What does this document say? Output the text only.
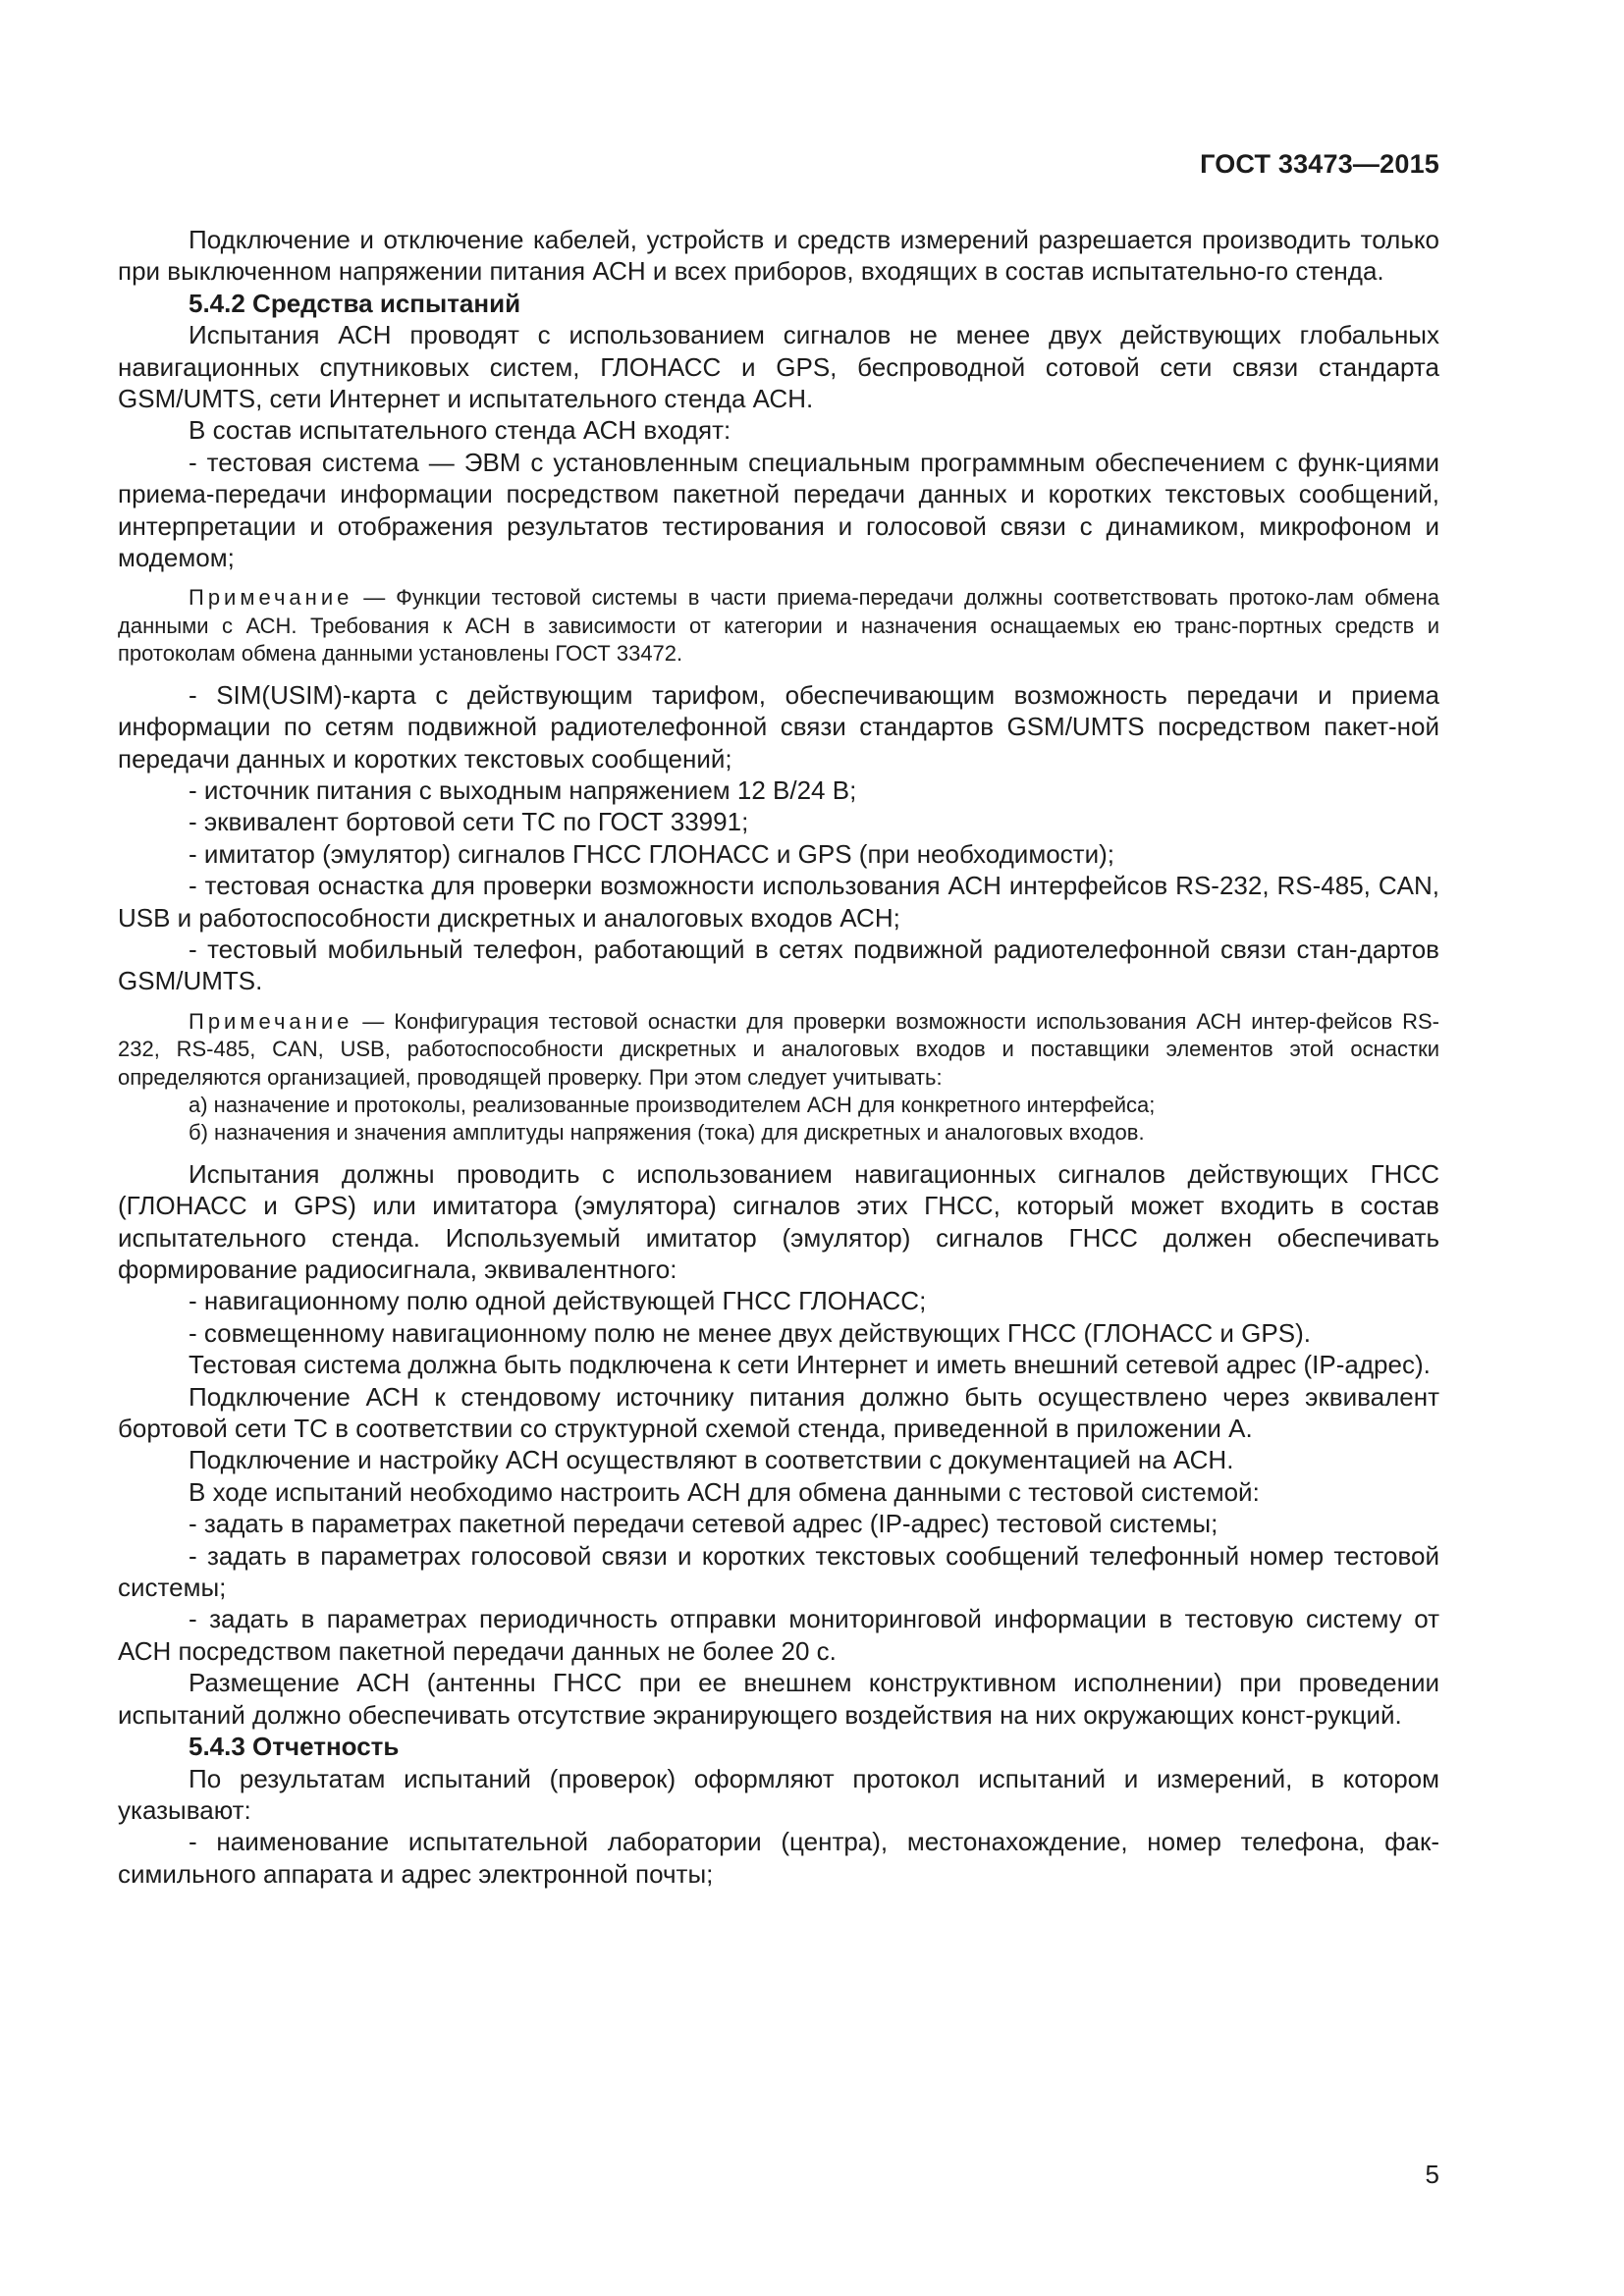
ГОСТ 33473—2015

Подключение и отключение кабелей, устройств и средств измерений разрешается производить только при выключенном напряжении питания АСН и всех приборов, входящих в состав испытательно-го стенда.

5.4.2 Средства испытаний

Испытания АСН проводят с использованием сигналов не менее двух действующих глобальных навигационных спутниковых систем, ГЛОНАСС и GPS, беспроводной сотовой сети связи стандарта GSM/UMTS, сети Интернет и испытательного стенда АСН.

В состав испытательного стенда АСН входят:

- тестовая система — ЭВМ с установленным специальным программным обеспечением с функ-циями приема-передачи информации посредством пакетной передачи данных и коротких текстовых сообщений, интерпретации и отображения результатов тестирования и голосовой связи с динамиком, микрофоном и модемом;

Примечание — Функции тестовой системы в части приема-передачи должны соответствовать протоко-лам обмена данными с АСН. Требования к АСН в зависимости от категории и назначения оснащаемых ею транс-портных средств и протоколам обмена данными установлены ГОСТ 33472.

- SIM(USIM)-карта с действующим тарифом, обеспечивающим возможность передачи и приема информации по сетям подвижной радиотелефонной связи стандартов GSM/UMTS посредством пакет-ной передачи данных и коротких текстовых сообщений;

- источник питания с выходным напряжением 12 В/24 В;

- эквивалент бортовой сети ТС по ГОСТ 33991;

- имитатор (эмулятор) сигналов ГНСС ГЛОНАСС и GPS (при необходимости);

- тестовая оснастка для проверки возможности использования АСН интерфейсов RS-232, RS-485, CAN, USB и работоспособности дискретных и аналоговых входов АСН;

- тестовый мобильный телефон, работающий в сетях подвижной радиотелефонной связи стан-дартов GSM/UMTS.

Примечание — Конфигурация тестовой оснастки для проверки возможности использования АСН интер-фейсов RS-232, RS-485, CAN, USB, работоспособности дискретных и аналоговых входов и поставщики элементов этой оснастки определяются организацией, проводящей проверку. При этом следует учитывать:

а) назначение и протоколы, реализованные производителем АСН для конкретного интерфейса;

б) назначения и значения амплитуды напряжения (тока) для дискретных и аналоговых входов.

Испытания должны проводить с использованием навигационных сигналов действующих ГНСС (ГЛОНАСС и GPS) или имитатора (эмулятора) сигналов этих ГНСС, который может входить в состав испытательного стенда. Используемый имитатор (эмулятор) сигналов ГНСС должен обеспечивать формирование радиосигнала, эквивалентного:

- навигационному полю одной действующей ГНСС ГЛОНАСС;

- совмещенному навигационному полю не менее двух действующих ГНСС (ГЛОНАСС и GPS).

Тестовая система должна быть подключена к сети Интернет и иметь внешний сетевой адрес (IP-адрес).

Подключение АСН к стендовому источнику питания должно быть осуществлено через эквивалент бортовой сети ТС в соответствии со структурной схемой стенда, приведенной в приложении А.

Подключение и настройку АСН осуществляют в соответствии с документацией на АСН.

В ходе испытаний необходимо настроить АСН для обмена данными с тестовой системой:

- задать в параметрах пакетной передачи сетевой адрес (IP-адрес) тестовой системы;

- задать в параметрах голосовой связи и коротких текстовых сообщений телефонный номер тестовой системы;

- задать в параметрах периодичность отправки мониторинговой информации в тестовую систему от АСН посредством пакетной передачи данных не более 20 с.

Размещение АСН (антенны ГНСС при ее внешнем конструктивном исполнении) при проведении испытаний должно обеспечивать отсутствие экранирующего воздействия на них окружающих конст-рукций.

5.4.3 Отчетность

По результатам испытаний (проверок) оформляют протокол испытаний и измерений, в котором указывают:

- наименование испытательной лаборатории (центра), местонахождение, номер телефона, фак-симильного аппарата и адрес электронной почты;

5
